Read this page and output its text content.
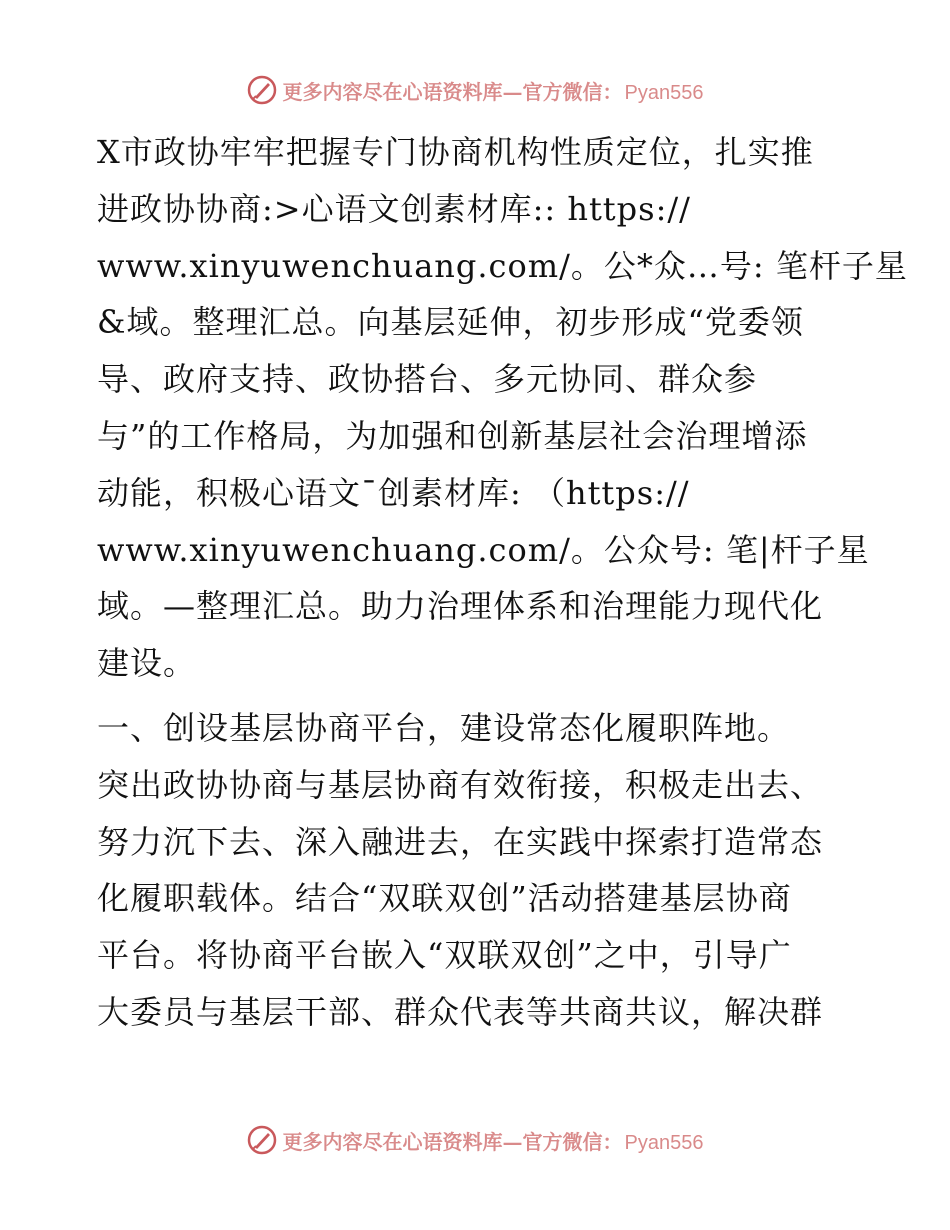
更多内容尽在心语资料库—官方微信： Pyan556
X市政协牢牢把握专门协商机构性质定位，扎实推
进政协协商:>心语文创素材库:: https://
www.xinyuwenchuang.com/。公*众…号: 笔杆子星
&域。整理汇总。向基层延伸，初步形成“党委领
导、政府支持、政协搭台、多元协同、群众参
与”的工作格局，为加强和创新基层社会治理增添
动能，积极心语文¯创素材库: （https://
www.xinyuwenchuang.com/。公众号: 笔|杆子星
域。—整理汇总。助力治理体系和治理能力现代化
建设。
一、创设基层协商平台，建设常态化履职阵地。
突出政协协商与基层协商有效衔接，积极走出去、
努力沉下去、深入融进去，在实践中探索打造常态
化履职载体。结合“双联双创”活动搭建基层协商
平台。将协商平台嵌入“双联双创”之中，引导广
大委员与基层干部、群众代表等共商共议，解决群
更多内容尽在心语资料库—官方微信： Pyan556
